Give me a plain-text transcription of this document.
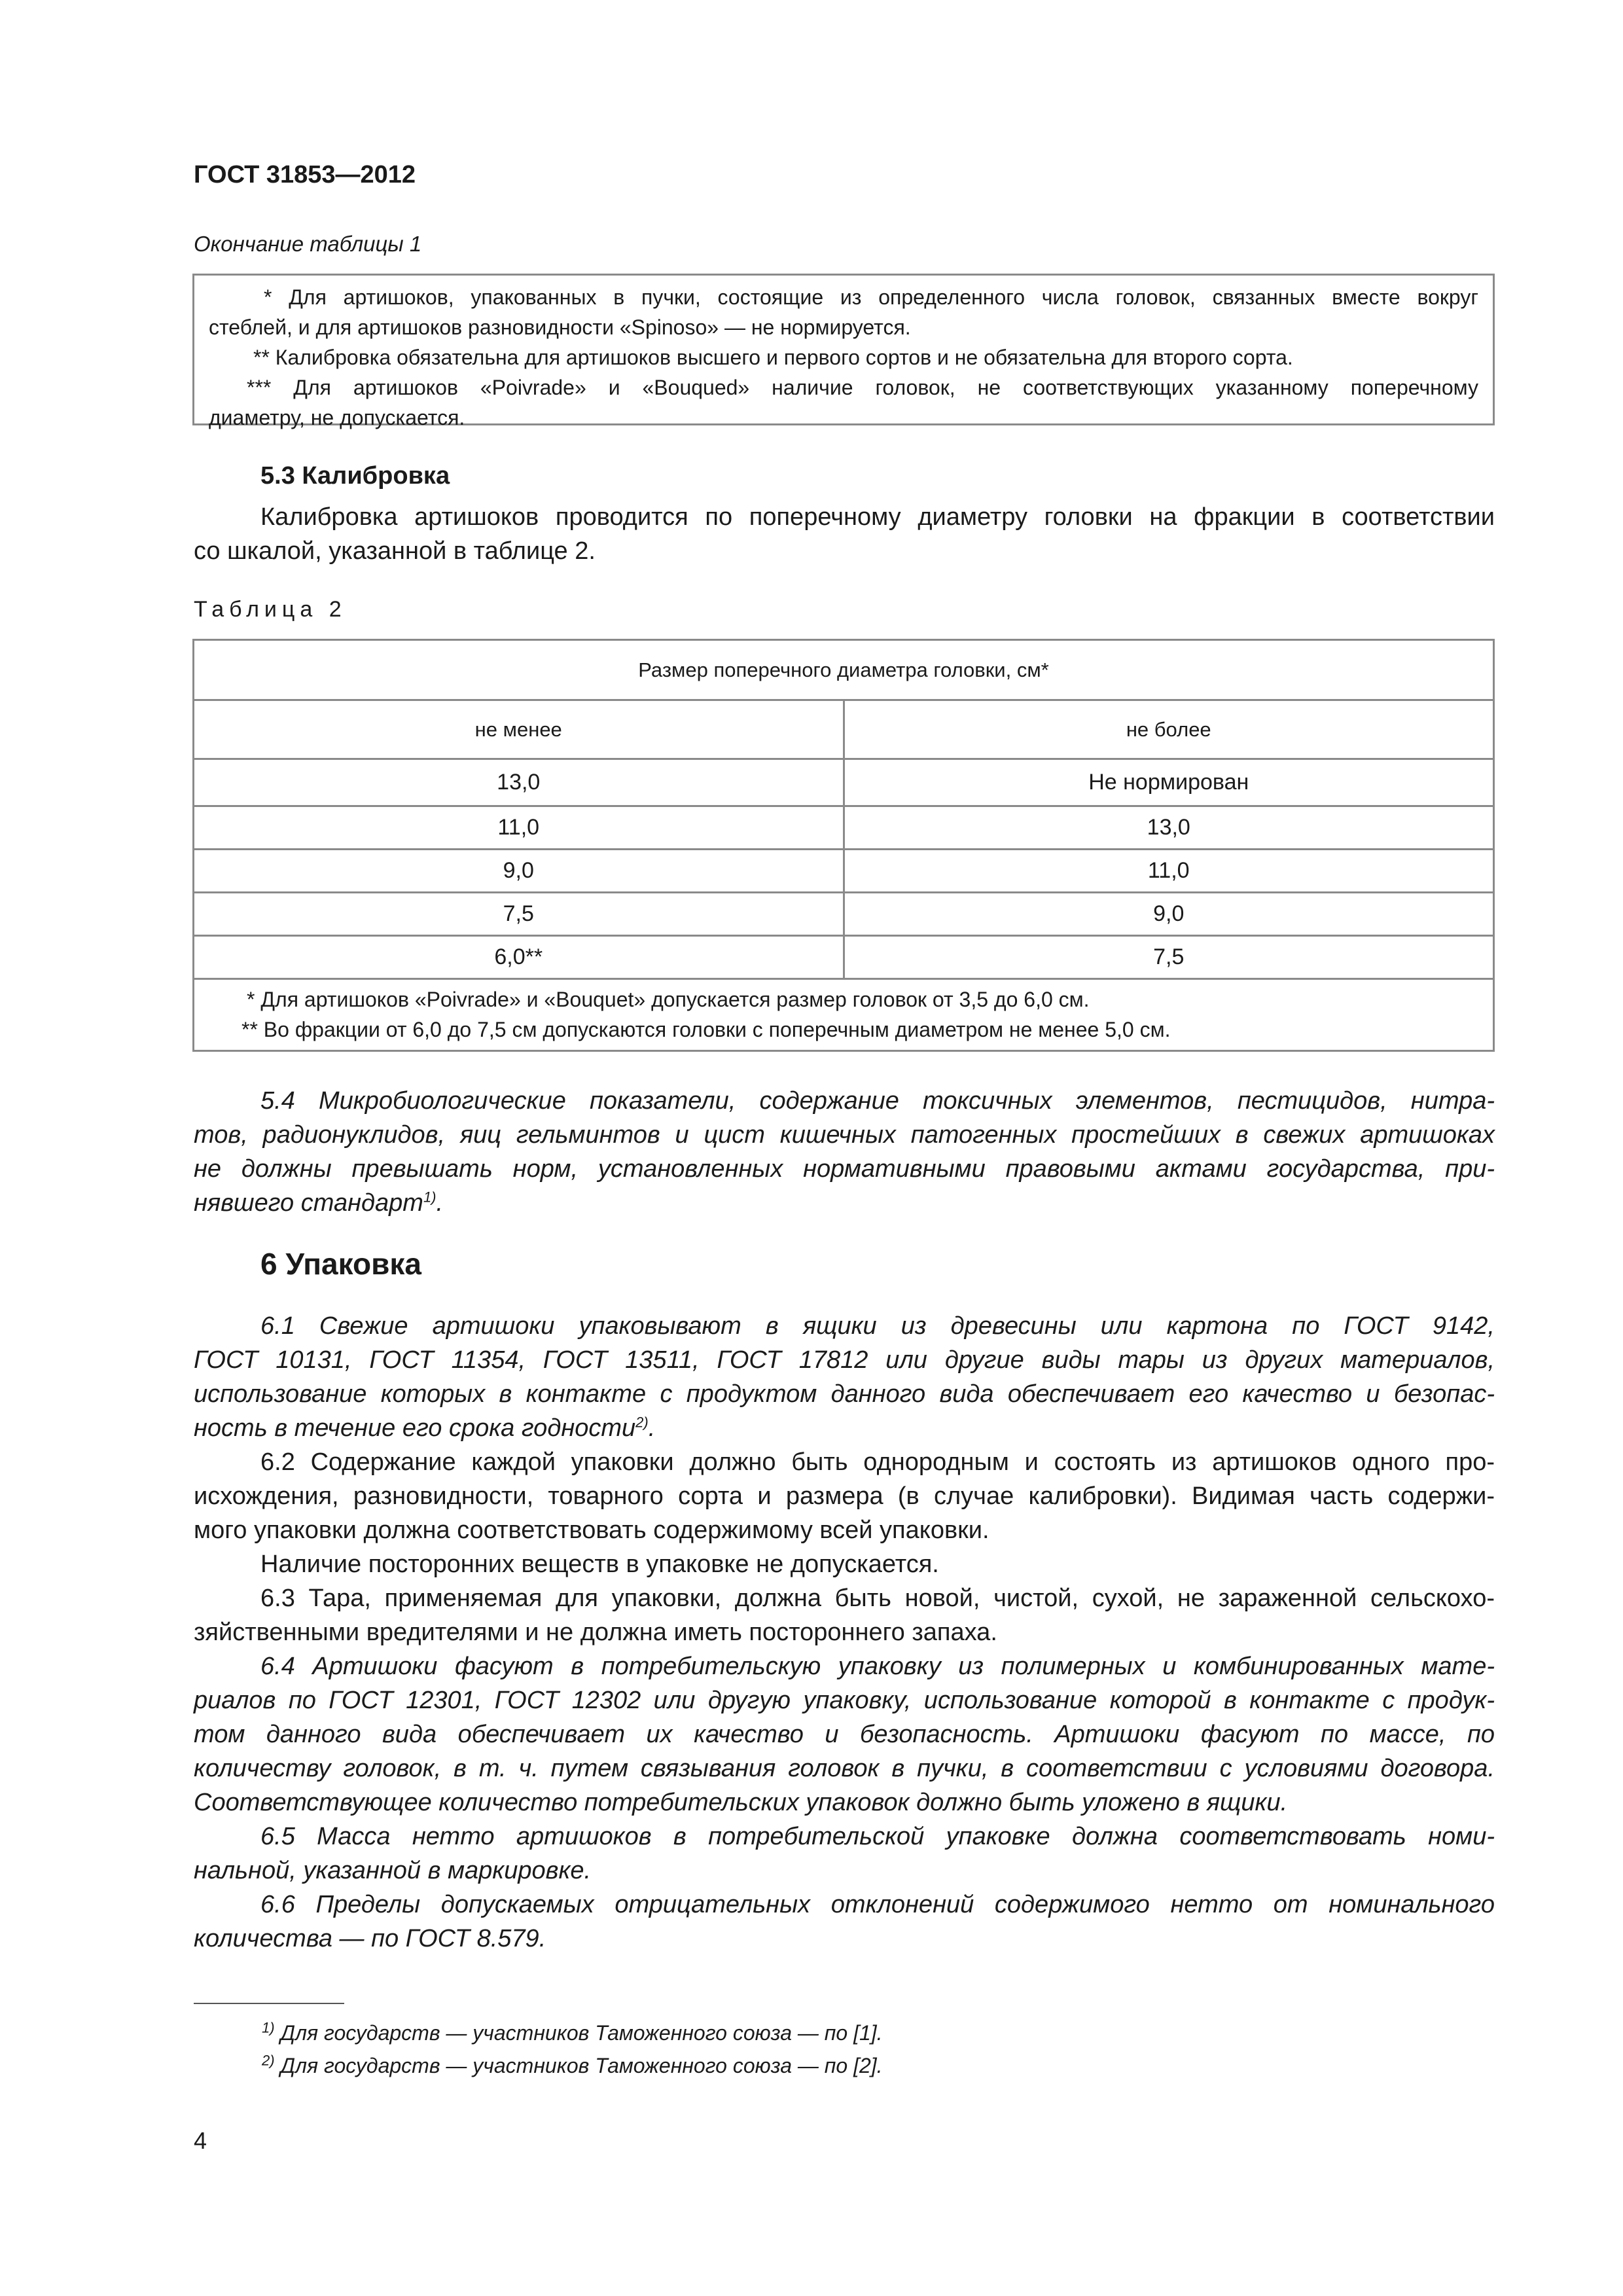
ГОСТ 31853—2012
Окончание таблицы 1
* Для артишоков, упакованных в пучки, состоящие из определенного числа головок, связанных вместе вокруг
стеблей, и для артишоков разновидности «Spinoso» — не нормируется.
** Калибровка обязательна для артишоков высшего и первого сортов и не обязательна для второго сорта.
*** Для артишоков «Poivrade» и «Bouqued» наличие головок, не соответствующих указанному поперечному
диаметру, не допускается.
5.3 Калибровка
Калибровка артишоков проводится по поперечному диаметру головки на фракции в соответствии
со шкалой, указанной в таблице 2.
Таблица 2
Размер поперечного диаметра головки, см*	
не менее	не более
13,0	Не нормирован
11,0	13,0
9,0	11,0
7,5	9,0
6,0**	7,5

* Для артишоков «Poivrade» и «Bouquet» допускается размер головок от 3,5 до 6,0 см.
** Во фракции от 6,0 до 7,5 см допускаются головки с поперечным диаметром не менее 5,0 см.	
5.4 Микробиологические показатели, содержание токсичных элементов, пестицидов, нитра-
тов, радионуклидов, яиц гельминтов и цист кишечных патогенных простейших в свежих артишоках
не должны превышать норм, установленных нормативными правовыми актами государства, при-
нявшего стандарт$^{1)}$.
6 Упаковка
6.1 Свежие артишоки упаковывают в ящики из древесины или картона по ГОСТ 9142,
ГОСТ 10131, ГОСТ 11354, ГОСТ 13511, ГОСТ 17812 или другие виды тары из других материалов,
использование которых в контакте с продуктом данного вида обеспечивает его качество и безопас-
ность в течение его срока годности$^{2)}$.
6.2 Содержание каждой упаковки должно быть однородным и состоять из артишоков одного про-
исхождения, разновидности, товарного сорта и размера (в случае калибровки). Видимая часть содержи-
мого упаковки должна соответствовать содержимому всей упаковки.
Наличие посторонних веществ в упаковке не допускается.
6.3 Тара, применяемая для упаковки, должна быть новой, чистой, сухой, не зараженной сельскохо-
зяйственными вредителями и не должна иметь постороннего запаха.
6.4 Артишоки фасуют в потребительскую упаковку из полимерных и комбинированных мате-
риалов по ГОСТ 12301, ГОСТ 12302 или другую упаковку, использование которой в контакте с продук-
том данного вида обеспечивает их качество и безопасность. Артишоки фасуют по массе, по
количеству головок, в т. ч. путем связывания головок в пучки, в соответствии с условиями договора.
Соответствующее количество потребительских упаковок должно быть уложено в ящики.
6.5 Масса нетто артишоков в потребительской упаковке должна соответствовать номи-
нальной, указанной в маркировке.
6.6 Пределы допускаемых отрицательных отклонений содержимого нетто от номинального
количества — по ГОСТ 8.579.
$^{1)}$ Для государств — участников Таможенного союза — по [1].
$^{2)}$ Для государств — участников Таможенного союза — по [2].
4
